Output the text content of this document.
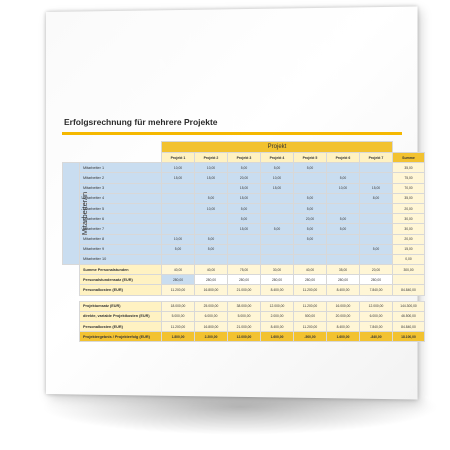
Erfolgsrechnung für mehrere Projekte
		Projekt							
		Projekt 1	Projekt 2	Projekt 3	Projekt 4	Projekt 5	Projekt 6	Projekt 7	Summe
Mitarbeiter/in	Mitarbeiter 1	10,00	10,00	5,00	5,00	5,00			35,00
	Mitarbeiter 2	15,00	15,00	20,00	10,00		5,00		75,00
	Mitarbeiter 3			15,00	15,00		10,00	15,00	70,00
	Mitarbeiter 4		5,00	15,00		5,00		8,00	35,00
	Mitarbeiter 5		10,00	5,00		5,00			20,00
	Mitarbeiter 6			5,00		20,00	5,00		30,00
	Mitarbeiter 7			15,00	5,00	5,00	5,00		30,00
	Mitarbeiter 8	10,00	5,00			5,00			20,00
	Mitarbeiter 9	5,00	5,00					5,00	15,00
	Mitarbeiter 10								0,00
	Summe Personalstunden	40,00	40,00	75,00	30,00	40,00	35,00	20,00	300,00
	Personalstundensatz (EUR)	280,00	280,00	280,00	280,00	280,00	280,00	280,00	
	Personalkosten (EUR)	11.200,00	16.800,00	21.000,00	8.400,00	11.200,00	8.400,00	7.840,00	84.840,00

	Projektumsatz (EUR)	18.000,00	25.000,00	38.000,00	12.000,00	11.200,00	16.000,00	12.000,00	144.300,00
	direkte, variable Projektkosten (EUR)	5.000,00	6.000,00	5.000,00	2.000,00	500,00	20.000,00	6.000,00	46.500,00
	Personalkosten (EUR)	11.200,00	16.800,00	21.000,00	8.400,00	11.200,00	8.400,00	7.840,00	84.840,00
	Projektergebnis / Projekterfolg (EUR)	1.800,00	2.200,00	12.000,00	1.600,00	-500,00	1.600,00	-840,00	18.100,00
